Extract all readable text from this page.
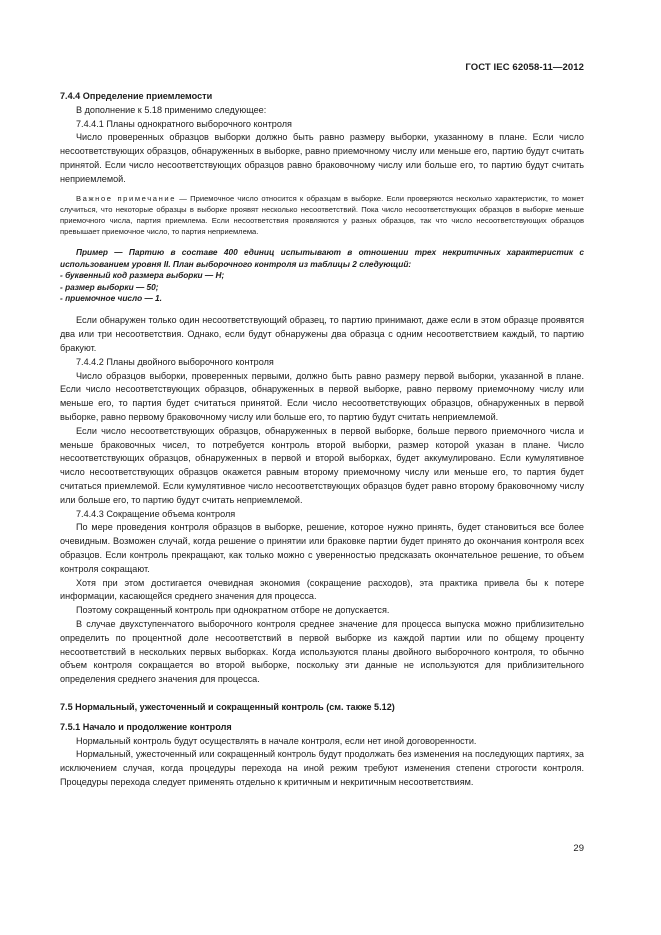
ГОСТ IEC 62058-11—2012

7.4.4 Определение приемлемости

В дополнение к 5.18 применимо следующее:

7.4.4.1 Планы однократного выборочного контроля

Число проверенных образцов выборки должно быть равно размеру выборки, указанному в плане. Если число несоответствующих образцов, обнаруженных в выборке, равно приемочному числу или меньше его, партию будут считать принятой. Если число несоответствующих образцов равно браковочному числу или больше его, то партию будут считать неприемлемой.

Важное примечание — Приемочное число относится к образцам в выборке. Если проверяются несколько характеристик, то может случиться, что некоторые образцы в выборке проявят несколько несоответствий. Пока число несоответствующих образцов в выборке меньше приемочного числа, партия приемлема. Если несоответствия проявляются у разных образцов, так что число несоответствующих образцов превышает приемочное число, то партия неприемлема.

Пример — Партию в составе 400 единиц испытывают в отношении трех некритичных характеристик с использованием уровня II. План выборочного контроля из таблицы 2 следующий:

- буквенный код размера выборки — H;

- размер выборки — 50;

- приемочное число — 1.

Если обнаружен только один несоответствующий образец, то партию принимают, даже если в этом образце проявятся два или три несоответствия. Однако, если будут обнаружены два образца с одним несоответствием каждый, то партию бракуют.

7.4.4.2 Планы двойного выборочного контроля

Число образцов выборки, проверенных первыми, должно быть равно размеру первой выборки, указанной в плане. Если число несоответствующих образцов, обнаруженных в первой выборке, равно первому приемочному числу или меньше его, то партия будет считаться принятой. Если число несоответствующих образцов, обнаруженных в первой выборке, равно первому браковочному числу или больше его, то партию будут считать неприемлемой.

Если число несоответствующих образцов, обнаруженных в первой выборке, больше первого приемочного числа и меньше браковочных чисел, то потребуется контроль второй выборки, размер которой указан в плане. Число несоответствующих образцов, обнаруженных в первой и второй выборках, будет аккумулировано. Если кумулятивное число несоответствующих образцов окажется равным второму приемочному числу или меньше его, то партия будет считаться приемлемой. Если кумулятивное число несоответствующих образцов будет равно второму браковочному числу или больше его, то партию будут считать неприемлемой.

7.4.4.3 Сокращение объема контроля

По мере проведения контроля образцов в выборке, решение, которое нужно принять, будет становиться все более очевидным. Возможен случай, когда решение о принятии или браковке партии будет принято до окончания контроля всех образцов. Если контроль прекращают, как только можно с уверенностью предсказать окончательное решение, то объем контроля сокращают.

Хотя при этом достигается очевидная экономия (сокращение расходов), эта практика привела бы к потере информации, касающейся среднего значения для процесса.

Поэтому сокращенный контроль при однократном отборе не допускается.

В случае двухступенчатого выборочного контроля среднее значение для процесса выпуска можно приблизительно определить по процентной доле несоответствий в первой выборке из каждой партии или по общему проценту несоответствий в нескольких первых выборках. Когда используются планы двойного выборочного контроля, то обычно объем контроля сокращается во второй выборке, поскольку эти данные не используются для приблизительного определения среднего значения для процесса.

7.5 Нормальный, ужесточенный и сокращенный контроль (см. также 5.12)

7.5.1 Начало и продолжение контроля

Нормальный контроль будут осуществлять в начале контроля, если нет иной договоренности.

Нормальный, ужесточенный или сокращенный контроль будут продолжать без изменения на последующих партиях, за исключением случая, когда процедуры перехода на иной режим требуют изменения степени строгости контроля. Процедуры перехода следует применять отдельно к критичным и некритичным несоответствиям.

29
